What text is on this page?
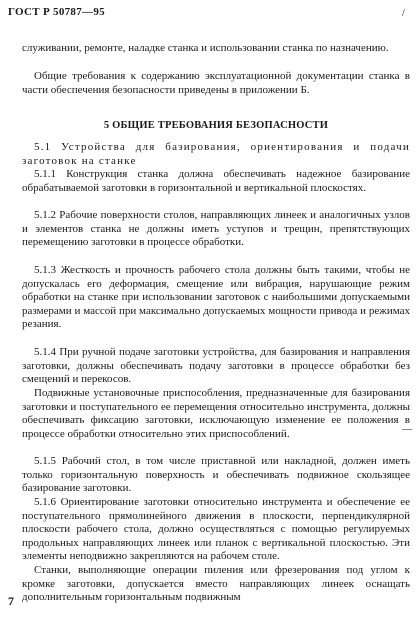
ГОСТ Р 50787—95	/

служивании, ремонте, наладке станка и использовании станка по назначению.

Общие требования к содержанию эксплуатационной документации станка в части обеспечения безопасности приведены в приложении Б.

5 ОБЩИЕ ТРЕБОВАНИЯ БЕЗОПАСНОСТИ

5.1 Устройства для базирования, ориентирования и подачи заготовок на станке

5.1.1 Конструкция станка должна обеспечивать надежное базирование обрабатываемой заготовки в горизонтальной и вертикальной плоскостях.

5.1.2 Рабочие поверхности столов, направляющих линеек и аналогичных узлов и элементов станка не должны иметь уступов и трещин, препятствующих перемещению заготовки в процессе обработки.

5.1.3 Жесткость и прочность рабочего стола должны быть такими, чтобы не допускалась его деформация, смещение или вибрация, нарушающие режим обработки на станке при использовании заготовок с наибольшими допускаемыми размерами и массой при максимально допускаемых мощности привода и режимах резания.

5.1.4 При ручной подаче заготовки устройства, для базирования и направления заготовки, должны обеспечивать подачу заготовки в процессе обработки без смещений и перекосов.

Подвижные установочные приспособления, предназначенные для базирования заготовки и поступательного ее перемещения относительно инструмента, должны обеспечивать фиксацию заготовки, исключающую изменение ее положения в процессе обработки относительно этих приспособлений.

5.1.5 Рабочий стол, в том числе приставной или накладной, должен иметь только горизонтальную поверхность и обеспечивать подвижное скользящее базирование заготовки.

5.1.6 Ориентирование заготовки относительно инструмента и обеспечение ее поступательного прямолинейного движения в плоскости, перпендикулярной плоскости рабочего стола, должно осуществляться с помощью регулируемых продольных направляющих линеек или планок с вертикальной плоскостью. Эти элементы неподвижно закрепляются на рабочем столе.

Станки, выполняющие операции пиления или фрезерования под углом к кромке заготовки, допускается вместо направляющих линеек оснащать дополнительным горизонтальным подвижным

—
7
